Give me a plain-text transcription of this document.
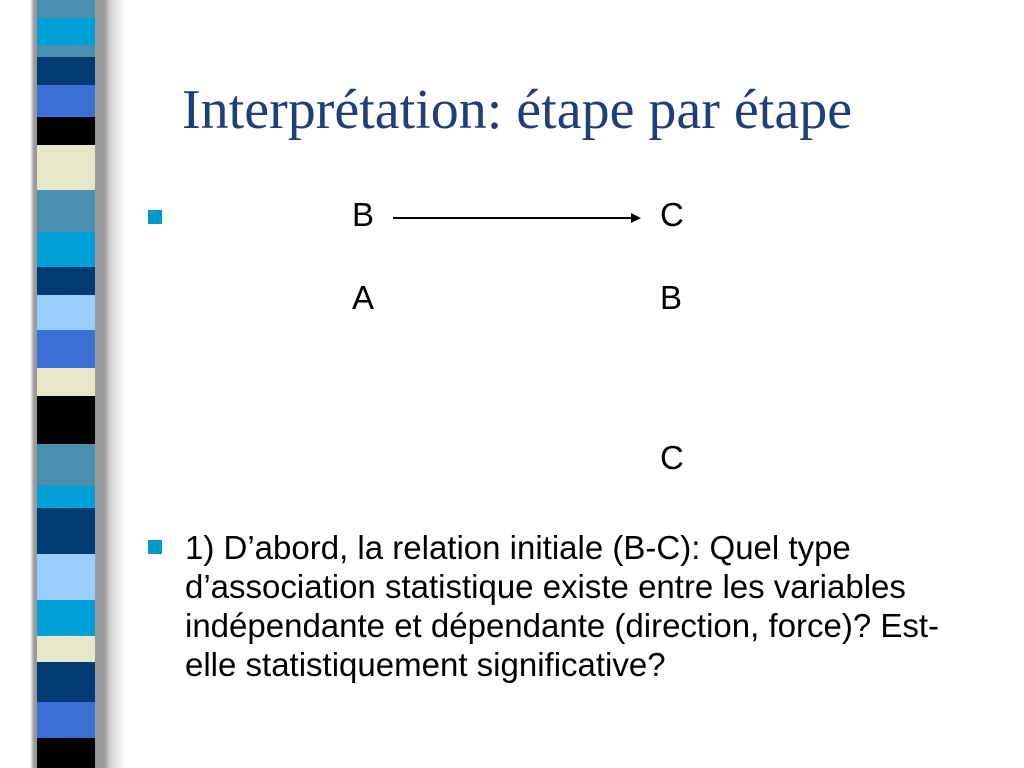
Interprétation: étape par étape
B	C
A	B
C

1) D’abord, la relation initiale (B-C): Quel type d’association statistique existe entre les variables indépendante et dépendante (direction, force)? Est-elle statistiquement significative?
